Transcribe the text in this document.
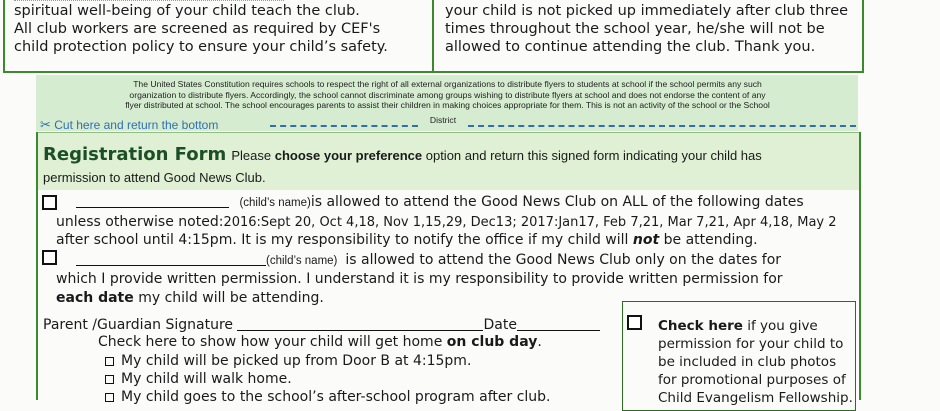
spiritual well-being of your child teach the club.
All club workers are screened as required by CEF's
child protection policy to ensure your child’s safety.
your child is not picked up immediately after club three
times throughout the school year, he/she will not be
allowed to continue attending the club. Thank you.
The United States Constitution requires schools to respect the right of all external organizations to distribute flyers to students at school if the school permits any such
organization to distribute flyers. Accordingly, the school cannot discriminate among groups wishing to distribute flyers at school and does not endorse the content of any
flyer distributed at school. The school encourages parents to assist their children in making choices appropriate for them. This is not an activity of the school or the School
✂ Cut here and return the bottom	District
Registration Form Please choose your preference option and return this signed form indicating your child has
permission to attend Good News Club.
(child’s name)is allowed to attend the Good News Club on ALL of the following dates
unless otherwise noted:2016:Sept 20, Oct 4,18, Nov 1,15,29, Dec13; 2017:Jan17, Feb 7,21, Mar 7,21, Apr 4,18, May 2
after school until 4:15pm. It is my responsibility to notify the office if my child will not be attending.
(child’s name) is allowed to attend the Good News Club only on the dates for
which I provide written permission. I understand it is my responsibility to provide written permission for
each date my child will be attending.
Parent /Guardian Signature	Date
Check here to show how your child will get home on club day.
My child will be picked up from Door B at 4:15pm.
My child will walk home.
My child goes to the school’s after-school program after club.
Check here if you give
permission for your child to
be included in club photos
for promotional purposes of
Child Evangelism Fellowship.
